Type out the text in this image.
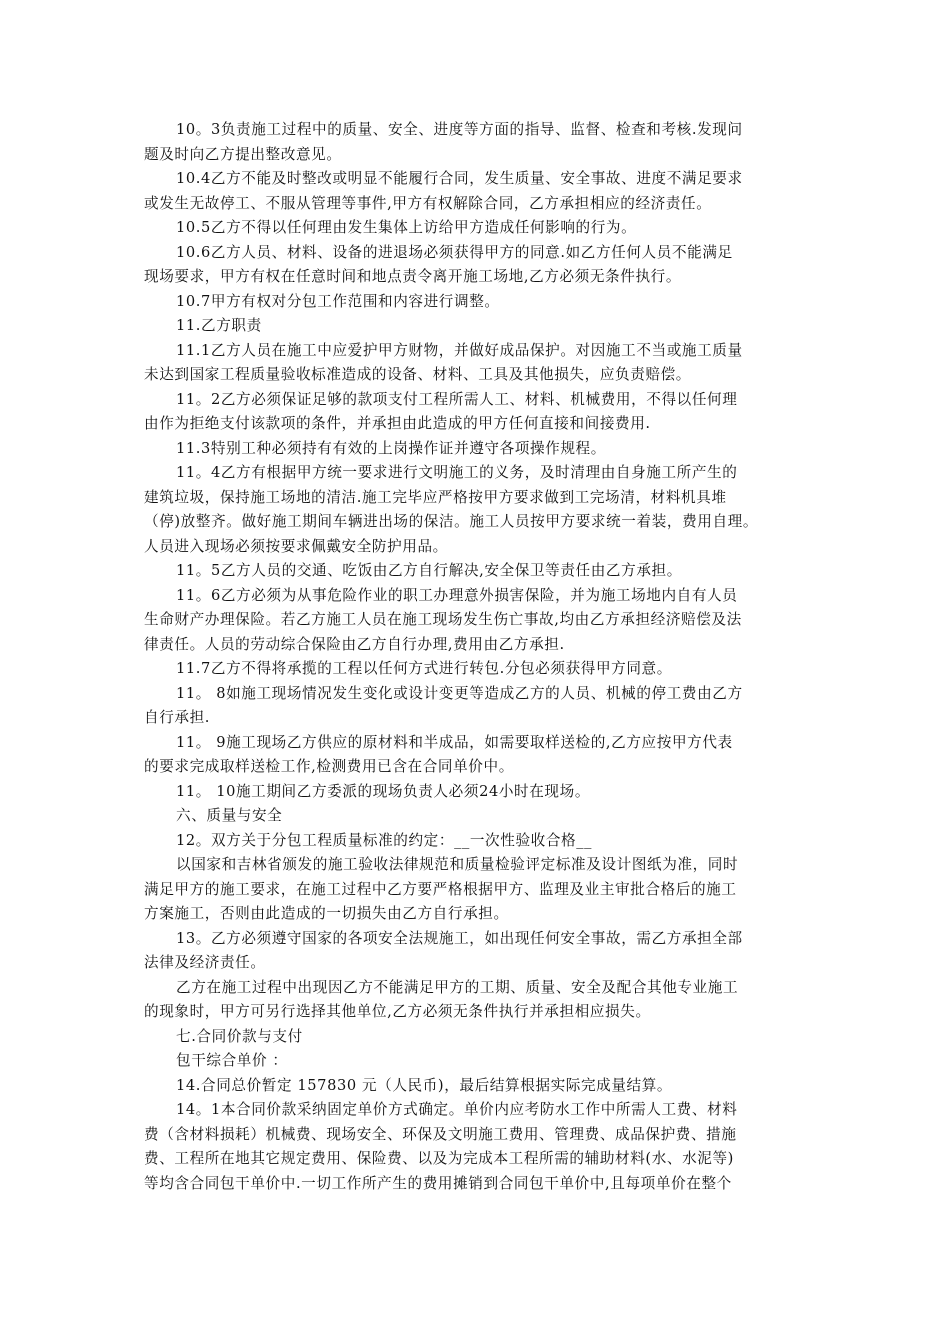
10。3负责施工过程中的质量、安全、进度等方面的指导、监督、检查和考核.发现问
题及时向乙方提出整改意见。

10.4乙方不能及时整改或明显不能履行合同，发生质量、安全事故、进度不满足要求
或发生无故停工、不服从管理等事件,甲方有权解除合同，乙方承担相应的经济责任。

10.5乙方不得以任何理由发生集体上访给甲方造成任何影响的行为。

10.6乙方人员、材料、设备的进退场必须获得甲方的同意.如乙方任何人员不能满足
现场要求，甲方有权在任意时间和地点责令离开施工场地,乙方必须无条件执行。

10.7甲方有权对分包工作范围和内容进行调整。

11.乙方职责

11.1乙方人员在施工中应爱护甲方财物，并做好成品保护。对因施工不当或施工质量
未达到国家工程质量验收标准造成的设备、材料、工具及其他损失，应负责赔偿。

11。2乙方必须保证足够的款项支付工程所需人工、材料、机械费用，不得以任何理
由作为拒绝支付该款项的条件，并承担由此造成的甲方任何直接和间接费用.

11.3特别工种必须持有有效的上岗操作证并遵守各项操作规程。

11。4乙方有根据甲方统一要求进行文明施工的义务，及时清理由自身施工所产生的
建筑垃圾，保持施工场地的清洁.施工完毕应严格按甲方要求做到工完场清，材料机具堆
（停)放整齐。做好施工期间车辆进出场的保洁。施工人员按甲方要求统一着装，费用自理。
人员进入现场必须按要求佩戴安全防护用品。

11。5乙方人员的交通、吃饭由乙方自行解决,安全保卫等责任由乙方承担。

11。6乙方必须为从事危险作业的职工办理意外损害保险，并为施工场地内自有人员
生命财产办理保险。若乙方施工人员在施工现场发生伤亡事故,均由乙方承担经济赔偿及法
律责任。人员的劳动综合保险由乙方自行办理,费用由乙方承担.

11.7乙方不得将承揽的工程以任何方式进行转包.分包必须获得甲方同意。

11。 8如施工现场情况发生变化或设计变更等造成乙方的人员、机械的停工费由乙方
自行承担.

11。 9施工现场乙方供应的原材料和半成品，如需要取样送检的,乙方应按甲方代表
的要求完成取样送检工作,检测费用已含在合同单价中。

11。 10施工期间乙方委派的现场负责人必须24小时在现场。

六、质量与安全

12。双方关于分包工程质量标准的约定：__一次性验收合格__

以国家和吉林省颁发的施工验收法律规范和质量检验评定标准及设计图纸为准，同时
满足甲方的施工要求，在施工过程中乙方要严格根据甲方、监理及业主审批合格后的施工
方案施工，否则由此造成的一切损失由乙方自行承担。

13。乙方必须遵守国家的各项安全法规施工，如出现任何安全事故，需乙方承担全部
法律及经济责任。

乙方在施工过程中出现因乙方不能满足甲方的工期、质量、安全及配合其他专业施工
的现象时，甲方可另行选择其他单位,乙方必须无条件执行并承担相应损失。

七.合同价款与支付

包干综合单价 ：

14.合同总价暂定 157830 元（人民币)，最后结算根据实际完成量结算。

14。1本合同价款采纳固定单价方式确定。单价内应考防水工作中所需人工费、材料
费（含材料损耗）机械费、现场安全、环保及文明施工费用、管理费、成品保护费、措施
费、工程所在地其它规定费用、保险费、以及为完成本工程所需的辅助材料(水、水泥等)
等均含合同包干单价中.一切工作所产生的费用摊销到合同包干单价中,且每项单价在整个
